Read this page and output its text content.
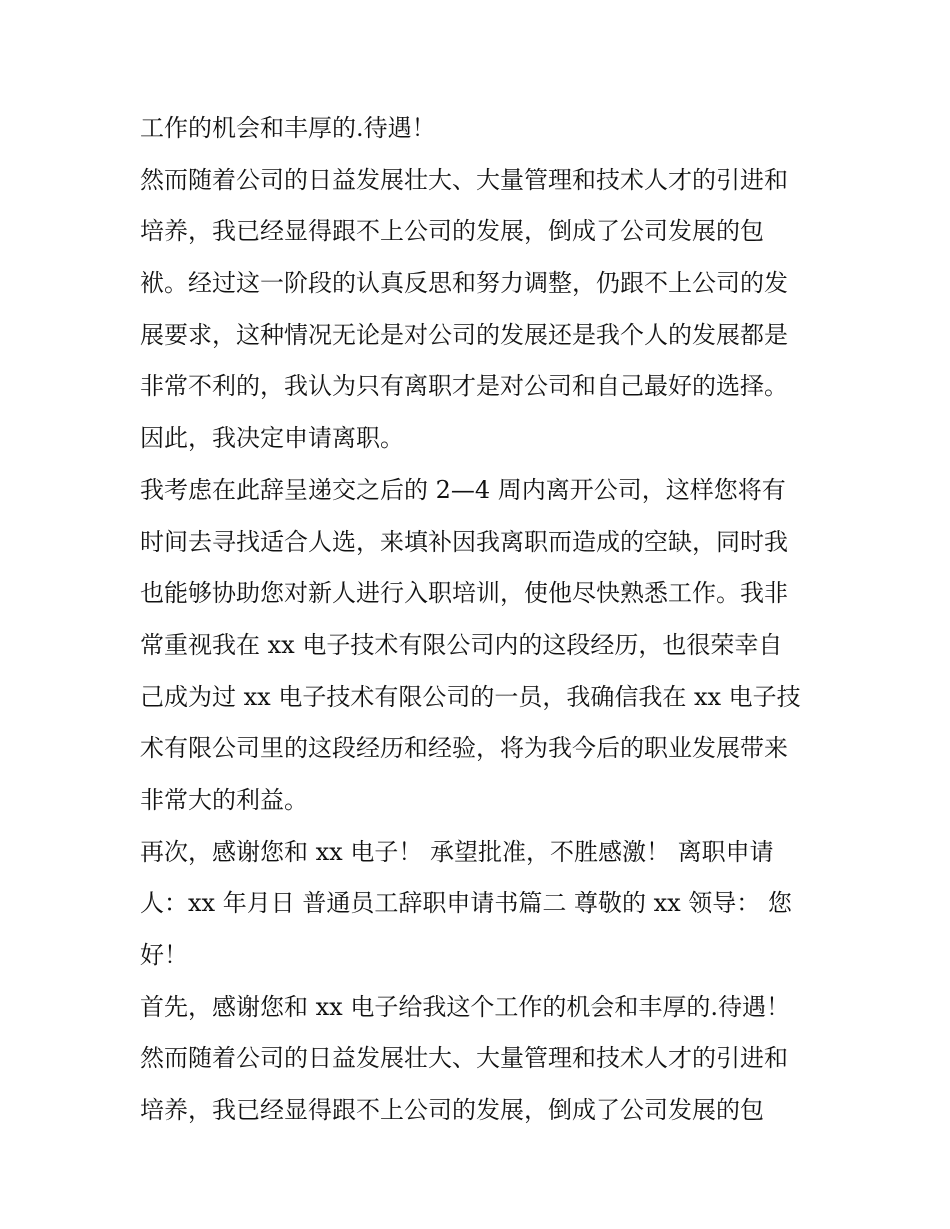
工作的机会和丰厚的.待遇！
然而随着公司的日益发展壮大、大量管理和技术人才的引进和
培养，我已经显得跟不上公司的发展，倒成了公司发展的包
袱。经过这一阶段的认真反思和努力调整，仍跟不上公司的发
展要求，这种情况无论是对公司的发展还是我个人的发展都是
非常不利的，我认为只有离职才是对公司和自己最好的选择。
因此，我决定申请离职。
我考虑在此辞呈递交之后的 2—4 周内离开公司，这样您将有
时间去寻找适合人选，来填补因我离职而造成的空缺，同时我
也能够协助您对新人进行入职培训，使他尽快熟悉工作。我非
常重视我在 xx 电子技术有限公司内的这段经历，也很荣幸自
己成为过 xx 电子技术有限公司的一员，我确信我在 xx 电子技
术有限公司里的这段经历和经验，将为我今后的职业发展带来
非常大的利益。
再次，感谢您和 xx 电子！ 承望批准，不胜感激！ 离职申请
人：xx 年月日 普通员工辞职申请书篇二 尊敬的 xx 领导： 您
好！
首先，感谢您和 xx 电子给我这个工作的机会和丰厚的.待遇！
然而随着公司的日益发展壮大、大量管理和技术人才的引进和
培养，我已经显得跟不上公司的发展，倒成了公司发展的包
